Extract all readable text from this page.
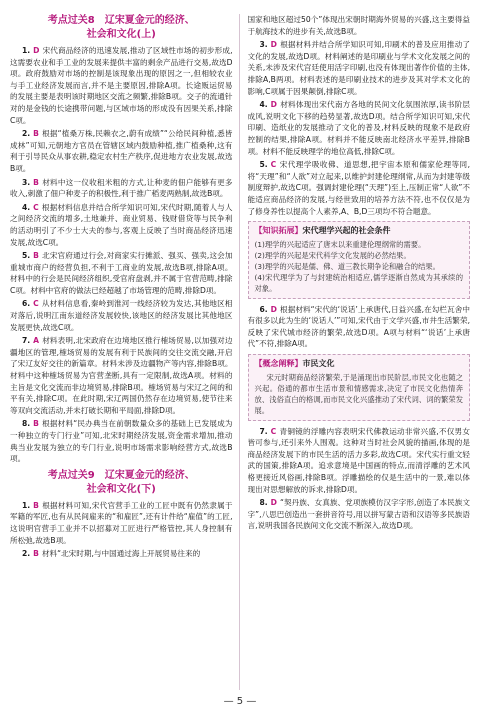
考点过关8　辽宋夏金元的经济、
社会和文化(上)

1. D 宋代商品经济的迅速发展,推动了区域性市场的初步形成,这需要农业和手工业的发展来提供丰富的剩余产品进行交易,故选D项。政府鼓励对市场的控制是该现象出现的原因之一,但相较农业与手工业经济发展而言,并不是主要原因,排除A项。长途贩运贸易的发展主要是表明该时期地区交流之频繁,排除B项。交子的流通针对的是金钱的长途携带问题,与区域市场的形成没有因果关系,排除C项。

2. B 根据“植桑万株,民赖衣之,蔚有成绩”“公给民间种植,悉皆成林”可知,元朝地方官员在管辖区域内鼓励种植,推广植桑种,这有利于引导民众从事农耕,稳定农村生产秩序,促进地方农业发展,故选B项。

3. B 材料中这一仪收租米粗的方式,让种麦的佃户能够有更多收入,刺激了佃户种麦子的积极性,利于推广稻麦两熟制,故选B项。

4. C 根据材料信息并结合所学知识可知,宋代时期,随着人与人之间经济交流的增多,土地兼并、商业贸易、钱财借贷等与民争利的活动明引了不少士大夫的参与,客观上反映了当时商品经济迅速发展,故选C项。

5. B 北宋官府通过行会,对商家实行摊派、强买、强卖,这会加重城市商户的经营负担,不利于工商业的发展,故选B项,排除A项。材料中的行会是民间经济组织,受官府盘剥,并不属于官营范畴,排除C项。材料中官府的做法已经超越了市场管理的范畴,排除D项。

6. C 从材料信息看,秦岭到淮河一线经济较为发达,其他地区相对落后,说明江南东道经济发展较快,该地区的经济发展比其他地区发展更快,故选C项。

7. A 材料表明,北宋政府在边境地区推行榷场贸易,以加强对边疆地区的管理,榷场贸易的发展有利于民族间的交往交流交融,开启了宋辽友好交往的新篇章。材料未涉及边疆物产等内容,排除B项。材料中这种榷场贸易为官营垄断,具有一定限制,故选A项。材料的主旨是文化交流而非边境贸易,排除B项。榷场贸易与宋辽之间的和平有关,排除C项。在此时期,宋辽两国仍然存在边境贸易,使节往来等双向交流活动,并未打破长期和平局面,排除D项。

8. B 根据材料“民办典当在前朝数量众多的基础上已发展成为一种独立的专门行业”可知,北宋时期经济发展,资金需求增加,推动典当业发展为独立的专门行业,说明市场需求影响经营方式,故选B项。

考点过关9　辽宋夏金元的经济、
社会和文化(下)

1. B 根据材料可知,宋代官营手工业的工匠中既有仍然隶属于军籍的军匠,也有从民间雇来的“和雇匠”,还有计件给“雇值”的工匠,这说明官营手工业并不以招募对工匠进行严格管控,其人身控制有所松弛,故选B项。

2. B 材料“北宋时期,与中国通过海上开展贸易往来的

国家和地区超过50个”体现出宋朝时期海外贸易的兴盛,这主要得益于航海技术的进步有关,故选B项。

3. D 根据材料并结合所学知识可知,印刷术的普及应用推动了文化的发展,故选D项。材料阐述的是印刷业与学术文化发展之间的关系,未涉及宋代宫廷使用活字印刷,也没有体现出著作价值的主体,排除A,B两项。材料表述的是印刷业技术的进步及其对学术文化的影响,C项属于因果颠倒,排除C项。

4. D 材料体现出宋代南方各地的民间文化氛围浓厚,读书阶层成风,说明文化下移的趋势显著,故选D项。结合所学知识可知,宋代印刷、造纸业的发展推动了文化的普及,材料反映的现象不是政府控制的结果,排除A项。材料并不能反映南北经济水平差异,排除B项。材料不能反映理学的地位高低,排除C项。

5. C 宋代理学吸收佛、道思想,把宇宙本原和儒家伦理等同,将“天理”和“人欲”对立起来,以维护封建伦理纲常,从而为封建等级制度辩护,故选C项。强调封建伦理(“天理”)至上,压制正常“人欲”不能适应商品经济的发展,与经世致用的培养方法不符,也不仅仅是为了修身养性以提高个人素养,A、B,D三项均不符合题意。

【知识拓展】宋代理学兴起的社会条件

(1)理学的兴起适应了唐末以来重建伦理纲常的需要。

(2)理学的兴起是宋代科学文化发展的必然结果。

(3)理学的兴起是儒、佛、道三教长期争论和融合的结果。

(4)宋代理学为了与封建统治相适应,儒学逐渐自然成为其承续的对象。

6. D 根据材料“宋代的‘说话’上承唐代,日益兴盛,在勾栏瓦舍中有很多以此为生的‘说话人’”可知,宋代由于文学兴盛,市井生活繁荣,反映了宋代城市经济的繁荣,故选D项。A项与材料“‘说话’上承唐代”不符,排除A项。

【概念阐释】市民文化

宋元时期商品经济繁荣,于是涌现出市民阶层,市民文化也随之兴起。俗通的都市生活市景和情感需求,决定了市民文化热情奔放、浅俗直白的格调,而市民文化兴盛推动了宋代词、词的繁荣发展。

7. C 青铜镜的浮雕内容表明宋代佛教运动非常兴盛,不仅男女皆可参与,还引来外人围观。这种对当时社会风貌的描画,体现的是商品经济发展下的市民生活的活力多彩,故选C项。宋代实行重文轻武的国策,排除A项。追求意境是中国画的特点,而清浮雕的艺术风格更接近风俗画,排除B项。浮雕描绘的仅是生活中的一景,难以体现出对思想解放的诉求,排除D项。

8. D “契丹族、女真族、党项族模仿汉字字形,创造了本民族文字”,八思巴创造出一套拼音符号,用以拼写蒙古语和汉语等多民族语言,说明我国各民族间文化交流不断深入,故选D项。

— 5 —
